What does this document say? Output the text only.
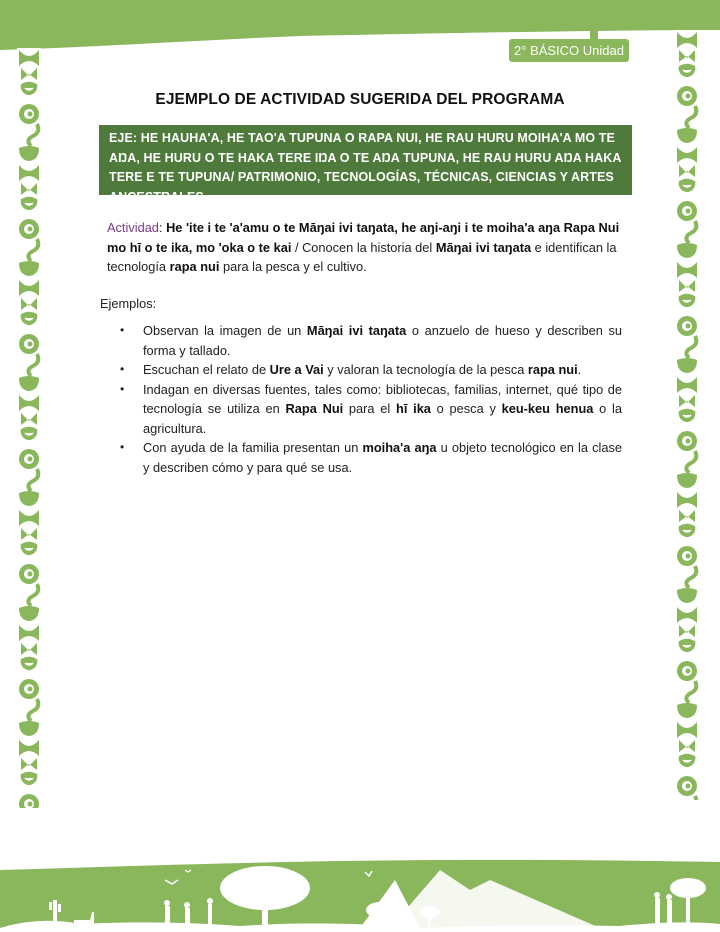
2° BÁSICO Unidad 4
EJEMPLO DE ACTIVIDAD SUGERIDA DEL PROGRAMA
EJE: HE HAUHA'A, HE TAO'A TUPUNA O RAPA NUI, HE RAU HURU MOIHA'A MO TE AŊA, HE HURU O TE HAKA TERE IŊA O TE AŊA TUPUNA, HE RAU HURU AŊA HAKA TERE E TE TUPUNA/ PATRIMONIO, TECNOLOGÍAS, TÉCNICAS, CIENCIAS Y ARTES ANCESTRALES.
Actividad: He 'ite i te 'a'amu o te Māŋai ivi taŋata, he aŋi-aŋi i te moiha'a aŋa Rapa Nui mo hī o te ika, mo 'oka o te kai / Conocen la historia del Māŋai ivi taŋata e identifican la tecnología rapa nui para la pesca y el cultivo.
Ejemplos:
• Observan la imagen de un Māŋai ivi taŋata o anzuelo de hueso y describen su forma y tallado.
• Escuchan el relato de Ure a Vai y valoran la tecnología de la pesca rapa nui.
• Indagan en diversas fuentes, tales como: bibliotecas, familias, internet, qué tipo de tecnología se utiliza en Rapa Nui para el hī ika o pesca y keu-keu henua o la agricultura.
• Con ayuda de la familia presentan un moiha'a aŋa u objeto tecnológico en la clase y describen cómo y para qué se usa.
